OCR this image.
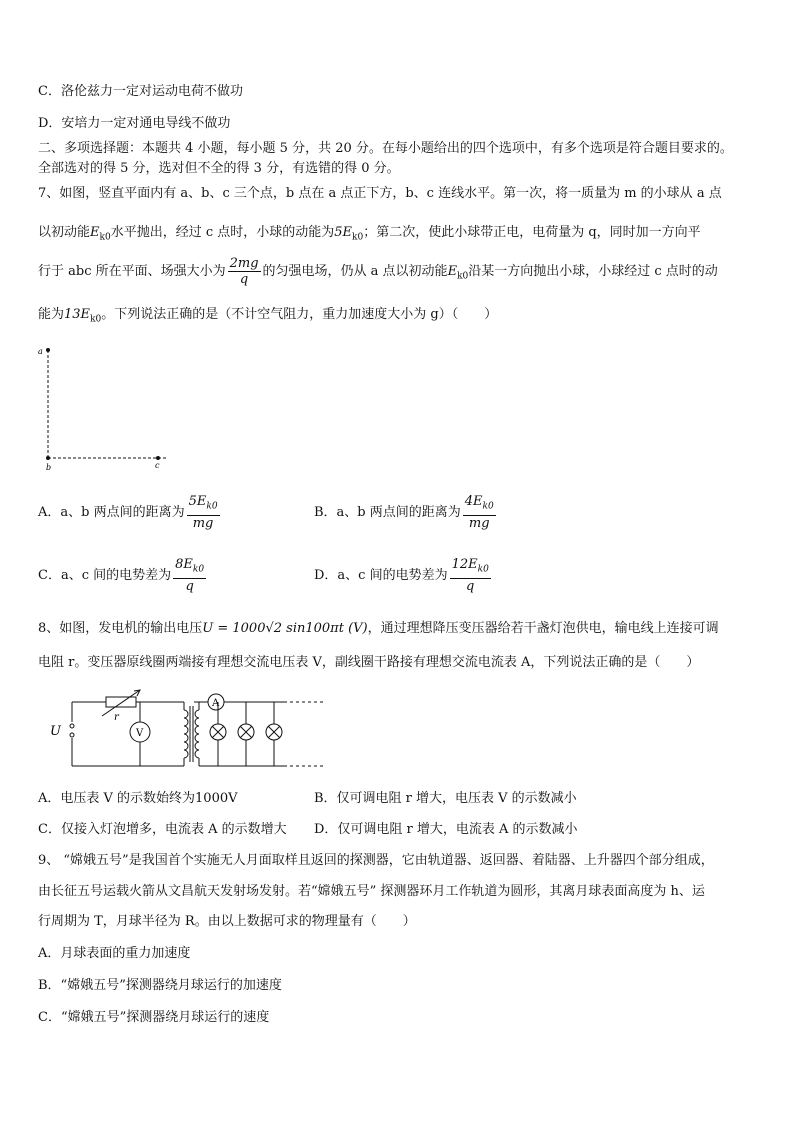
C．洛伦兹力一定对运动电荷不做功
D．安培力一定对通电导线不做功
二、多项选择题：本题共 4 小题，每小题 5 分，共 20 分。在每小题给出的四个选项中，有多个选项是符合题目要求的。
全部选对的得 5 分，选对但不全的得 3 分，有选错的得 0 分。
7、如图，竖直平面内有 a、b、c 三个点，b 点在 a 点正下方，b、c 连线水平。第一次，将一质量为 m 的小球从 a 点
以初动能$E_{k0}$水平抛出，经过 c 点时，小球的动能为$5E_{k0}$；第二次，使此小球带正电，电荷量为 q，同时加一方向平
行于 abc 所在平面、场强大小为 $\frac{2mg}{q}$ 的匀强电场，仍从 a 点以初动能$E_{k0}$沿某一方向抛出小球，小球经过 c 点时的动
能为$13E_{k0}$。下列说法正确的是（不计空气阻力，重力加速度大小为 g）（　　）
a
b	c
A．a、b 两点间的距离为 $\frac{5E_{k0}}{mg}$	B．a、b 两点间的距离为 $\frac{4E_{k0}}{mg}$
C．a、c 间的电势差为 $\frac{8E_{k0}}{q}$	D．a、c 间的电势差为 $\frac{12E_{k0}}{q}$
8、如图，发电机的输出电压U = 1000√2 sin100πt (V)，通过理想降压变压器给若干盏灯泡供电，输电线上连接可调
电阻 r。变压器原线圈两端接有理想交流电压表 V，副线圈干路接有理想交流电流表 A，下列说法正确的是（　　）
U
r
V
A
A．电压表 V 的示数始终为1000V	B．仅可调电阻 r 增大，电压表 V 的示数减小
C．仅接入灯泡增多，电流表 A 的示数增大 D．仅可调电阻 r 增大，电流表 A 的示数减小
9、 “嫦娥五号”是我国首个实施无人月面取样且返回的探测器，它由轨道器、返回器、着陆器、上升器四个部分组成，
由长征五号运载火箭从文昌航天发射场发射。若“嫦娥五号” 探测器环月工作轨道为圆形，其离月球表面高度为 h、运
行周期为 T，月球半径为 R。由以上数据可求的物理量有（　　）
A．月球表面的重力加速度
B．“嫦娥五号”探测器绕月球运行的加速度
C．“嫦娥五号”探测器绕月球运行的速度
